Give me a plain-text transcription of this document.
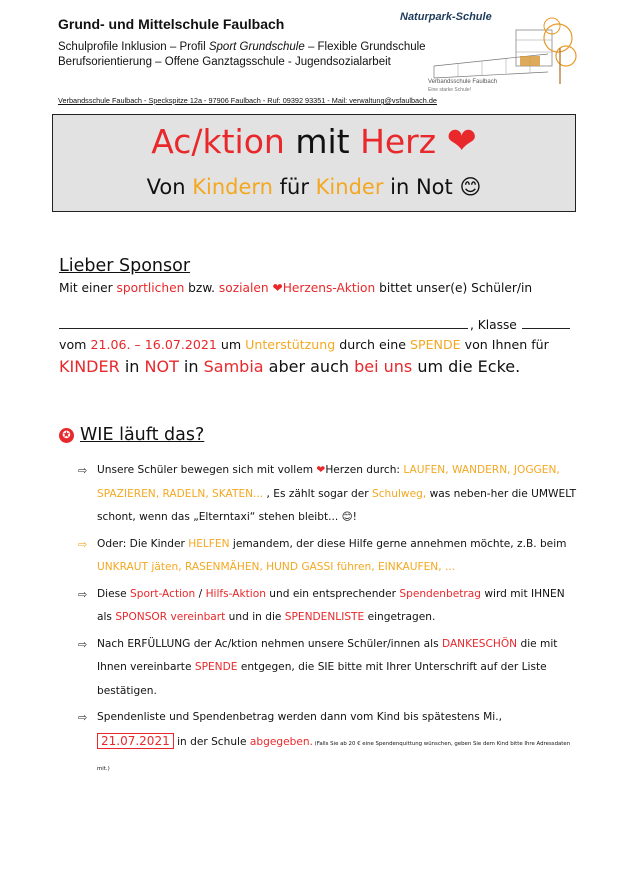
Grund- und Mittelschule Faulbach
Schulprofile Inklusion – Profil Sport Grundschule – Flexible Grundschule
Berufsorientierung – Offene Ganztagsschule - Jugendsozialarbeit
Verbandsschule Faulbach - Speckspitze 12a - 97906 Faulbach - Ruf: 09392 93351 - Mail: verwaltung@vsfaulbach.de
Naturpark-Schule
Verbandsschule Faulbach
Eine starke Schule!
Ac/ktion mit Herz ❤
Von Kindern für Kinder in Not 😊
Lieber Sponsor
Mit einer sportlichen bzw. sozialen ❤Herzens-Aktion bittet unser(e) Schüler/in
, Klasse
vom 21.06. – 16.07.2021 um Unterstützung durch eine SPENDE von Ihnen für
KINDER in NOT in Sambia aber auch bei uns um die Ecke.
✪ WIE läuft das?
⇨ Unsere Schüler bewegen sich mit vollem ❤Herzen durch: LAUFEN, WANDERN, JOGGEN, SPAZIEREN, RADELN, SKATEN... , Es zählt sogar der Schulweg, was neben-her die UMWELT schont, wenn das „Elterntaxi“ stehen bleibt... 😊!
⇨ Oder: Die Kinder HELFEN jemandem, der diese Hilfe gerne annehmen möchte, z.B. beim UNKRAUT jäten, RASENMÄHEN, HUND GASSI führen, EINKAUFEN, ...
⇨ Diese Sport-Action / Hilfs-Aktion und ein entsprechender Spendenbetrag wird mit IHNEN als SPONSOR vereinbart und in die SPENDENLISTE eingetragen.
⇨ Nach ERFÜLLUNG der Ac/ktion nehmen unsere Schüler/innen als DANKESCHÖN die mit Ihnen vereinbarte SPENDE entgegen, die SIE bitte mit Ihrer Unterschrift auf der Liste bestätigen.
⇨ Spendenliste und Spendenbetrag werden dann vom Kind bis spätestens Mi., 21.07.2021 in der Schule abgegeben. (Falls Sie ab 20 € eine Spendenquittung wünschen, geben Sie dem Kind bitte Ihre Adressdaten mit.)
